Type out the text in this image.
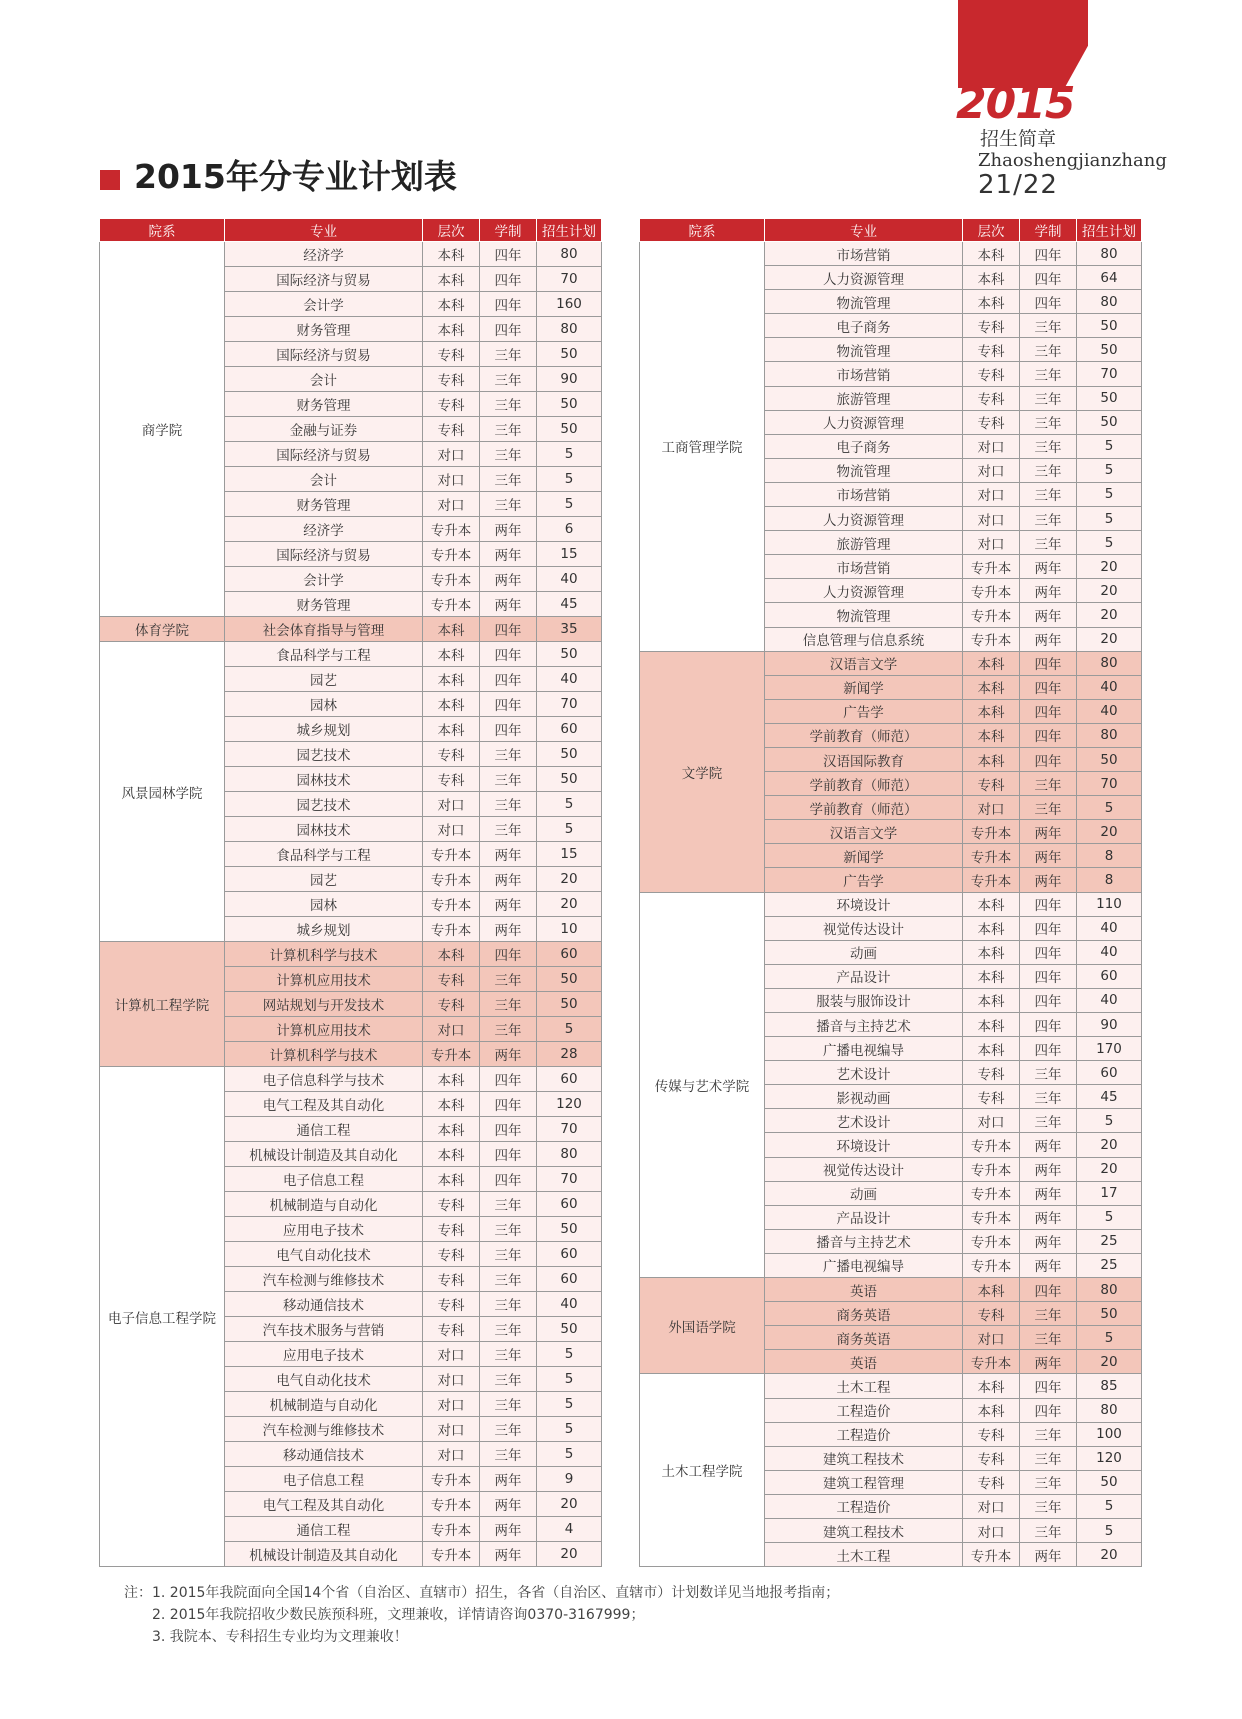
2015
招生简章
Zhaoshengjianzhang
21/22
2015年分专业计划表
院系	专业	层次	学制	招生计划
商学院	经济学	本科	四年	80
	国际经济与贸易	本科	四年	70
	会计学	本科	四年	160
	财务管理	本科	四年	80
	国际经济与贸易	专科	三年	50
	会计	专科	三年	90
	财务管理	专科	三年	50
	金融与证券	专科	三年	50
	国际经济与贸易	对口	三年	5
	会计	对口	三年	5
	财务管理	对口	三年	5
	经济学	专升本	两年	6
	国际经济与贸易	专升本	两年	15
	会计学	专升本	两年	40
	财务管理	专升本	两年	45
体育学院	社会体育指导与管理	本科	四年	35
风景园林学院	食品科学与工程	本科	四年	50
	园艺	本科	四年	40
	园林	本科	四年	70
	城乡规划	本科	四年	60
	园艺技术	专科	三年	50
	园林技术	专科	三年	50
	园艺技术	对口	三年	5
	园林技术	对口	三年	5
	食品科学与工程	专升本	两年	15
	园艺	专升本	两年	20
	园林	专升本	两年	20
	城乡规划	专升本	两年	10
计算机工程学院	计算机科学与技术	本科	四年	60
	计算机应用技术	专科	三年	50
	网站规划与开发技术	专科	三年	50
	计算机应用技术	对口	三年	5
	计算机科学与技术	专升本	两年	28
电子信息工程学院	电子信息科学与技术	本科	四年	60
	电气工程及其自动化	本科	四年	120
	通信工程	本科	四年	70
	机械设计制造及其自动化	本科	四年	80
	电子信息工程	本科	四年	70
	机械制造与自动化	专科	三年	60
	应用电子技术	专科	三年	50
	电气自动化技术	专科	三年	60
	汽车检测与维修技术	专科	三年	60
	移动通信技术	专科	三年	40
	汽车技术服务与营销	专科	三年	50
	应用电子技术	对口	三年	5
	电气自动化技术	对口	三年	5
	机械制造与自动化	对口	三年	5
	汽车检测与维修技术	对口	三年	5
	移动通信技术	对口	三年	5
	电子信息工程	专升本	两年	9
	电气工程及其自动化	专升本	两年	20
	通信工程	专升本	两年	4
	机械设计制造及其自动化	专升本	两年	20
院系	专业	层次	学制	招生计划
工商管理学院	市场营销	本科	四年	80
	人力资源管理	本科	四年	64
	物流管理	本科	四年	80
	电子商务	专科	三年	50
	物流管理	专科	三年	50
	市场营销	专科	三年	70
	旅游管理	专科	三年	50
	人力资源管理	专科	三年	50
	电子商务	对口	三年	5
	物流管理	对口	三年	5
	市场营销	对口	三年	5
	人力资源管理	对口	三年	5
	旅游管理	对口	三年	5
	市场营销	专升本	两年	20
	人力资源管理	专升本	两年	20
	物流管理	专升本	两年	20
	信息管理与信息系统	专升本	两年	20
文学院	汉语言文学	本科	四年	80
	新闻学	本科	四年	40
	广告学	本科	四年	40
	学前教育（师范）	本科	四年	80
	汉语国际教育	本科	四年	50
	学前教育（师范）	专科	三年	70
	学前教育（师范）	对口	三年	5
	汉语言文学	专升本	两年	20
	新闻学	专升本	两年	8
	广告学	专升本	两年	8
传媒与艺术学院	环境设计	本科	四年	110
	视觉传达设计	本科	四年	40
	动画	本科	四年	40
	产品设计	本科	四年	60
	服装与服饰设计	本科	四年	40
	播音与主持艺术	本科	四年	90
	广播电视编导	本科	四年	170
	艺术设计	专科	三年	60
	影视动画	专科	三年	45
	艺术设计	对口	三年	5
	环境设计	专升本	两年	20
	视觉传达设计	专升本	两年	20
	动画	专升本	两年	17
	产品设计	专升本	两年	5
	播音与主持艺术	专升本	两年	25
	广播电视编导	专升本	两年	25
外国语学院	英语	本科	四年	80
	商务英语	专科	三年	50
	商务英语	对口	三年	5
	英语	专升本	两年	20
土木工程学院	土木工程	本科	四年	85
	工程造价	本科	四年	80
	工程造价	专科	三年	100
	建筑工程技术	专科	三年	120
	建筑工程管理	专科	三年	50
	工程造价	对口	三年	5
	建筑工程技术	对口	三年	5
	土木工程	专升本	两年	20
注： 1. 2015年我院面向全国14个省（自治区、直辖市）招生，各省（自治区、直辖市）计划数详见当地报考指南；
2. 2015年我院招收少数民族预科班，文理兼收，详情请咨询0370-3167999；
3. 我院本、专科招生专业均为文理兼收！
